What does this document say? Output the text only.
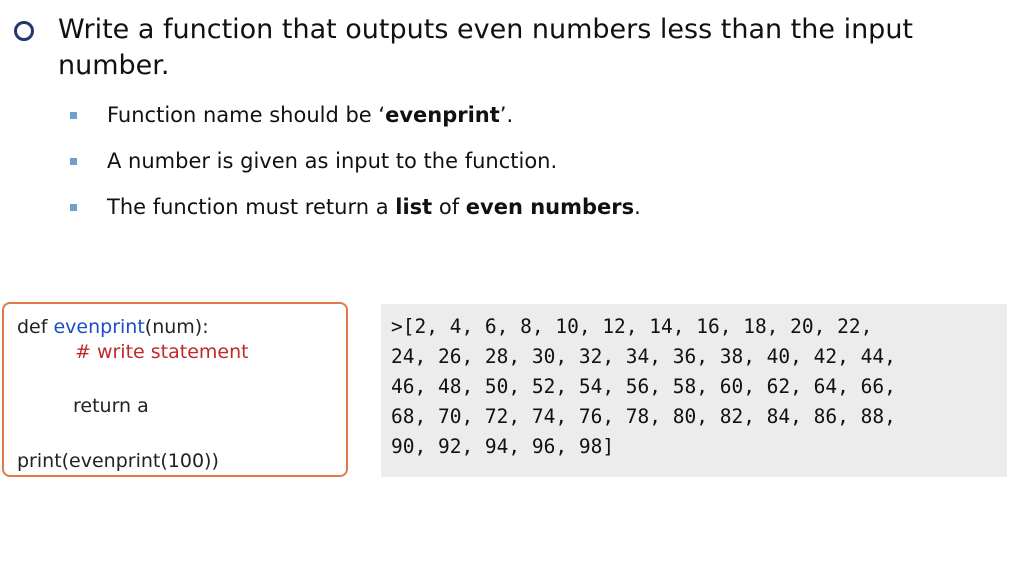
Write a function that outputs even numbers less than the input
number.
Function name should be ‘evenprint’.
A number is given as input to the function.
The function must return a list of even numbers.
def evenprint(num):
# write statement
return a
print(evenprint(100))
>[2, 4, 6, 8, 10, 12, 14, 16, 18, 20, 22,
24, 26, 28, 30, 32, 34, 36, 38, 40, 42, 44,
46, 48, 50, 52, 54, 56, 58, 60, 62, 64, 66,
68, 70, 72, 74, 76, 78, 80, 82, 84, 86, 88,
90, 92, 94, 96, 98]
